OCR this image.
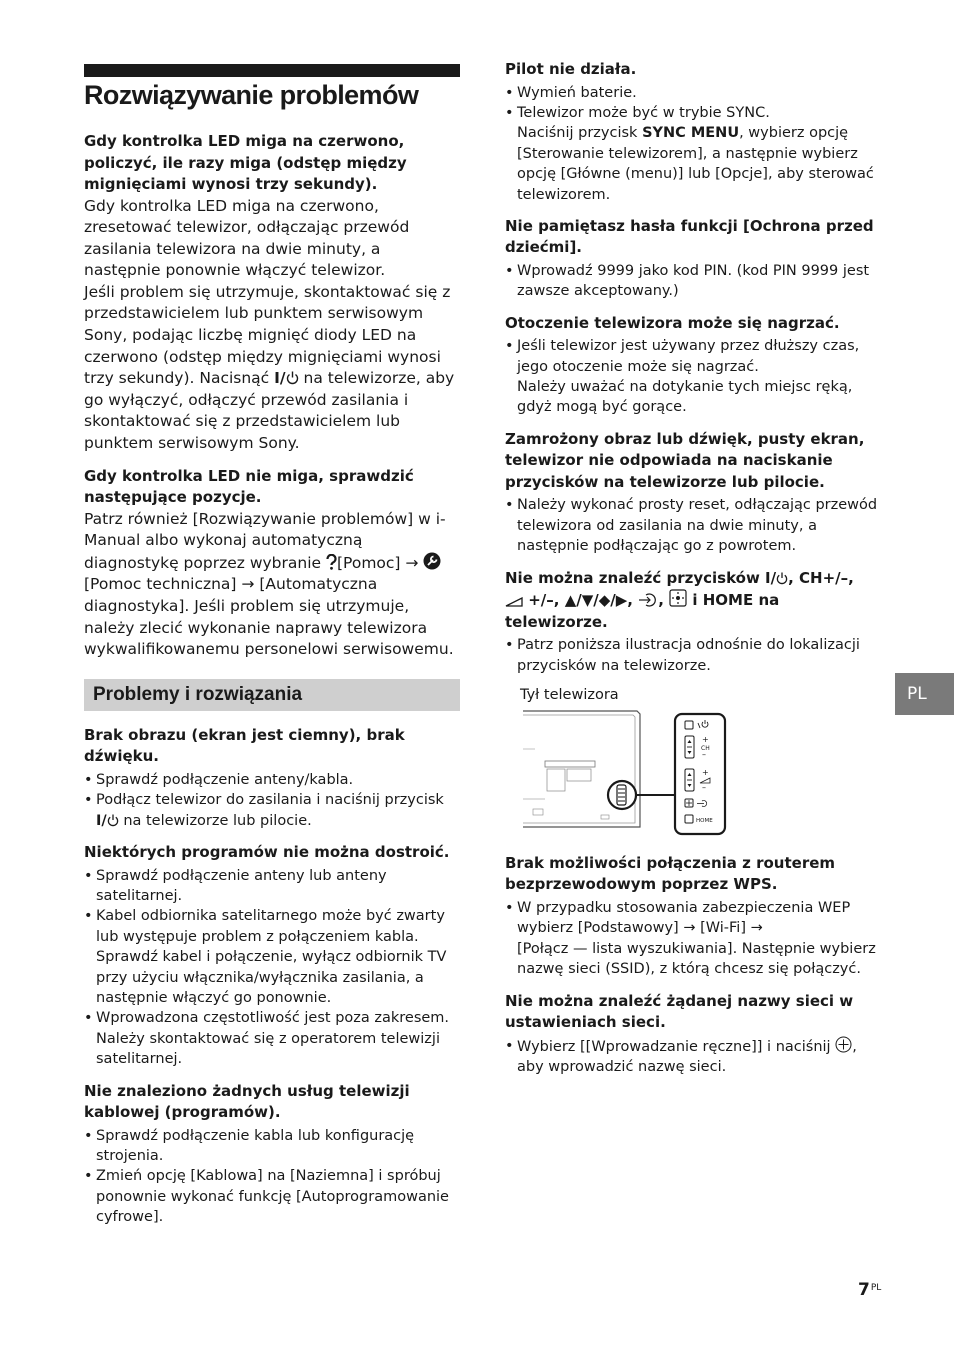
Rozwiązywanie problemów

Gdy kontrolka LED miga na czerwono, policzyć, ile razy miga (odstęp między mignięciami wynosi trzy sekundy).

Gdy kontrolka LED miga na czerwono, zresetować telewizor, odłączając przewód zasilania telewizora na dwie minuty, a następnie ponownie włączyć telewizor.

Jeśli problem się utrzymuje, skontaktować się z przedstawicielem lub punktem serwisowym Sony, podając liczbę mignięć diody LED na czerwono (odstęp między mignięciami wynosi trzy sekundy). Nacisnąć I/ na telewizorze, aby go wyłączyć, odłączyć przewód zasilania i skontaktować się z przedstawicielem lub punktem serwisowym Sony.

Gdy kontrolka LED nie miga, sprawdzić następujące pozycje.

Patrz również [Rozwiązywanie problemów] w i-Manual albo wykonaj automatyczną diagnostykę poprzez wybranie [Pomoc] →  [Pomoc techniczna] → [Automatyczna diagnostyka]. Jeśli problem się utrzymuje, należy zlecić wykonanie naprawy telewizora wykwalifikowanemu personelowi serwisowemu.

Problemy i rozwiązania

Brak obrazu (ekran jest ciemny), brak dźwięku.

• Sprawdź podłączenie anteny/kabla.
• Podłącz telewizor do zasilania i naciśnij przycisk
I/ na telewizorze lub pilocie.

Niektórych programów nie można dostroić.

• Sprawdź podłączenie anteny lub anteny satelitarnej.
• Kabel odbiornika satelitarnego może być zwarty lub występuje problem z połączeniem kabla. Sprawdź kabel i połączenie, wyłącz odbiornik TV przy użyciu włącznika/wyłącznika zasilania, a następnie włączyć go ponownie.
• Wprowadzona częstotliwość jest poza zakresem. Należy skontaktować się z operatorem telewizji satelitarnej.

Nie znaleziono żadnych usług telewizji kablowej (programów).

• Sprawdź podłączenie kabla lub konfigurację strojenia.
• Zmień opcję [Kablowa] na [Naziemna] i spróbuj ponownie wykonać funkcję [Autoprogramowanie cyfrowe].

Pilot nie działa.

• Wymień baterie.
• Telewizor może być w trybie SYNC.
Naciśnij przycisk SYNC MENU, wybierz opcję [Sterowanie telewizorem], a następnie wybierz opcję [Główne (menu)] lub [Opcje], aby sterować telewizorem.

Nie pamiętasz hasła funkcji [Ochrona przed dziećmi].

• Wprowadź 9999 jako kod PIN. (kod PIN 9999 jest zawsze akceptowany.)

Otoczenie telewizora może się nagrzać.

• Jeśli telewizor jest używany przez dłuższy czas, jego otoczenie może się nagrzać.
Należy uważać na dotykanie tych miejsc ręką, gdyż mogą być gorące.

Zamrożony obraz lub dźwięk, pusty ekran, telewizor nie odpowiada na naciskanie przycisków na telewizorze lub pilocie.

• Należy wykonać prosty reset, odłączając przewód telewizora od zasilania na dwie minuty, a następnie podłączając go z powrotem.

Nie można znaleźć przycisków I/ , CH+/–,
+/–, ▲/▼/◆/▶, ,  i HOME na telewizorze.

• Patrz poniższa ilustracja odnośnie do lokalizacji przycisków na telewizorze.

Tył telewizora

+
CH
–
+
–
HOME

Brak możliwości połączenia z routerem bezprzewodowym poprzez WPS.

• W przypadku stosowania zabezpieczenia WEP wybierz [Podstawowy] → [Wi-Fi] →
[Połącz — lista wyszukiwania]. Następnie wybierz nazwę sieci (SSID), z którą chcesz się połączyć.

Nie można znaleźć żądanej nazwy sieci w ustawieniach sieci.

• Wybierz [[Wprowadzanie ręczne]] i naciśnij , aby wprowadzić nazwę sieci.
PL
$7^{PL}$
